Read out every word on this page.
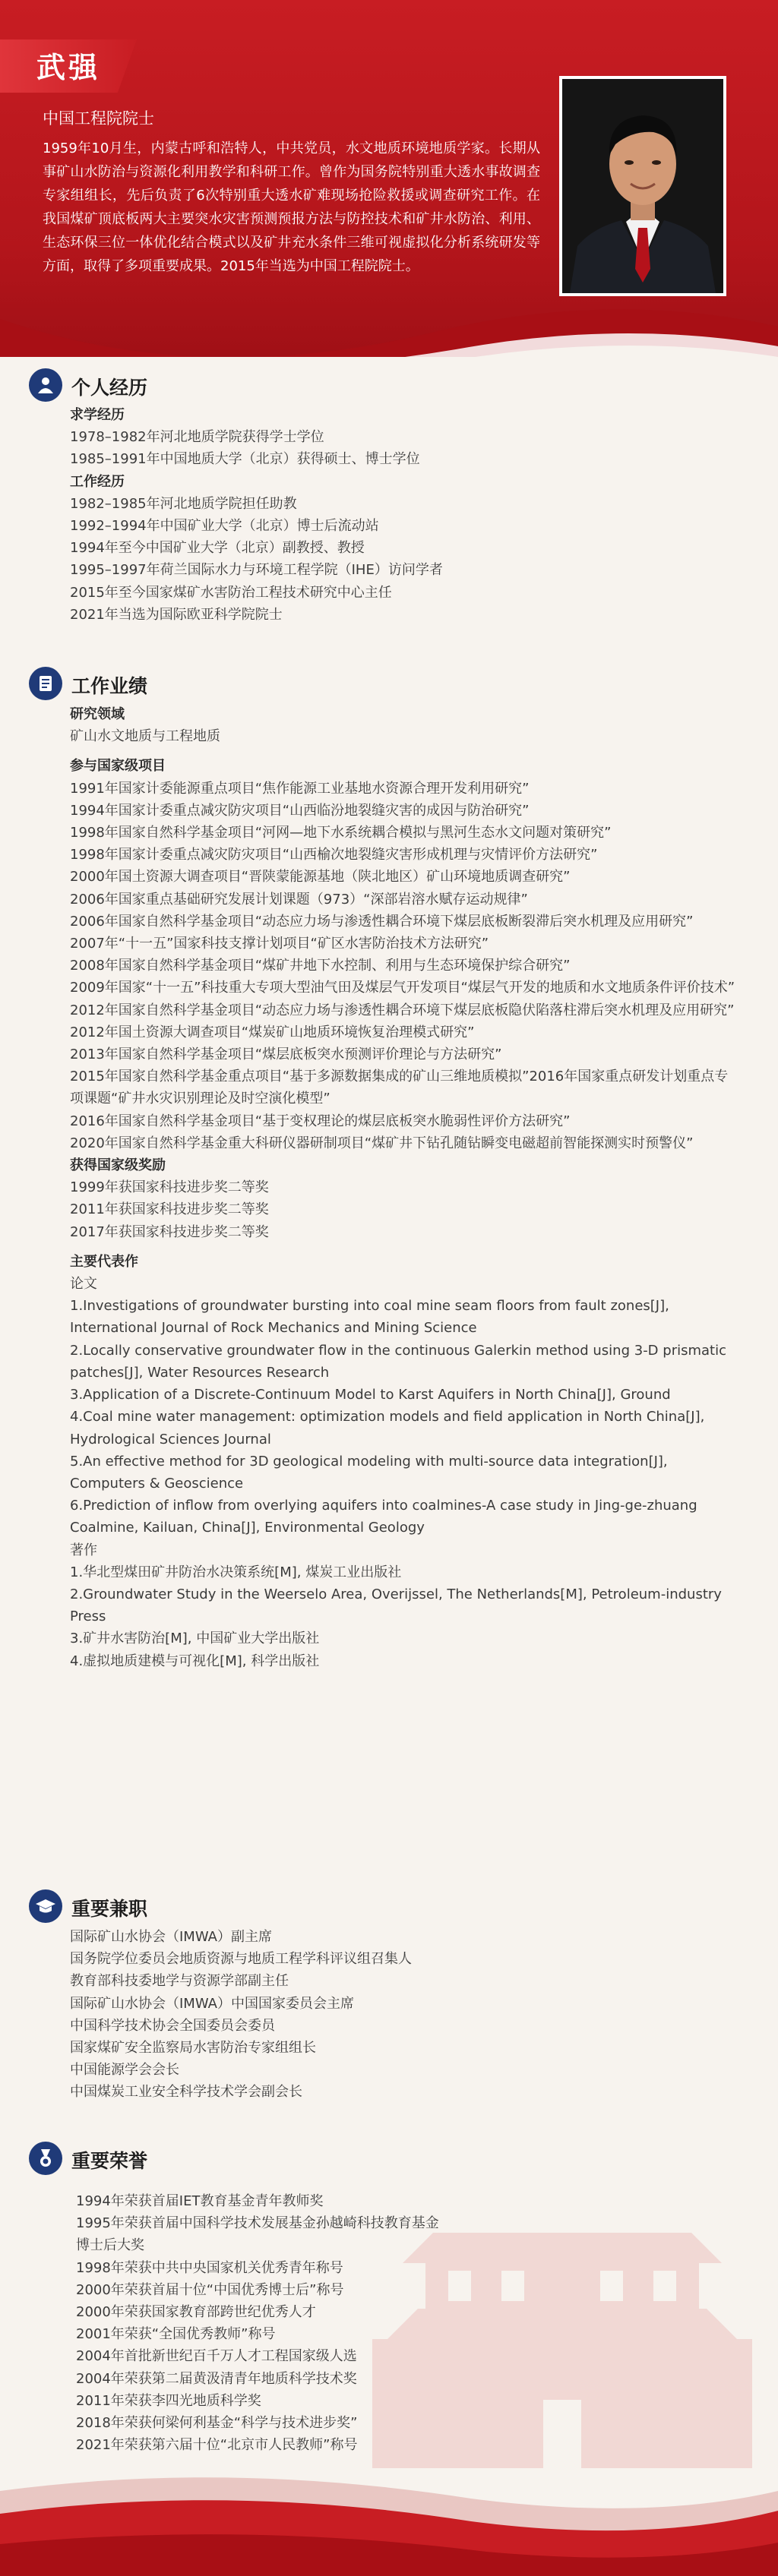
武强
中国工程院院士
1959年10月生，内蒙古呼和浩特人，中共党员，水文地质环境地质学家。长期从事矿山水防治与资源化利用教学和科研工作。曾作为国务院特别重大透水事故调查专家组组长，先后负责了6次特别重大透水矿难现场抢险救援或调查研究工作。在我国煤矿顶底板两大主要突水灾害预测预报方法与防控技术和矿井水防治、利用、生态环保三位一体优化结合模式以及矿井充水条件三维可视虚拟化分析系统研发等方面，取得了多项重要成果。2015年当选为中国工程院院士。
个人经历
求学经历
1978–1982年河北地质学院获得学士学位
1985–1991年中国地质大学（北京）获得硕士、博士学位
工作经历
1982–1985年河北地质学院担任助教
1992–1994年中国矿业大学（北京）博士后流动站
1994年至今中国矿业大学（北京）副教授、教授
1995–1997年荷兰国际水力与环境工程学院（IHE）访问学者
2015年至今国家煤矿水害防治工程技术研究中心主任
2021年当选为国际欧亚科学院院士
工作业绩
研究领域
矿山水文地质与工程地质
参与国家级项目
1991年国家计委能源重点项目“焦作能源工业基地水资源合理开发利用研究”
1994年国家计委重点减灾防灾项目“山西临汾地裂缝灾害的成因与防治研究”
1998年国家自然科学基金项目“河网—地下水系统耦合模拟与黑河生态水文问题对策研究”
1998年国家计委重点减灾防灾项目“山西榆次地裂缝灾害形成机理与灾情评价方法研究”
2000年国土资源大调查项目“晋陕蒙能源基地（陕北地区）矿山环境地质调查研究”
2006年国家重点基础研究发展计划课题（973）“深部岩溶水赋存运动规律”
2006年国家自然科学基金项目“动态应力场与渗透性耦合环境下煤层底板断裂滞后突水机理及应用研究”
2007年“十一五”国家科技支撑计划项目“矿区水害防治技术方法研究”
2008年国家自然科学基金项目“煤矿井地下水控制、利用与生态环境保护综合研究”
2009年国家“十一五”科技重大专项大型油气田及煤层气开发项目“煤层气开发的地质和水文地质条件评价技术”
2012年国家自然科学基金项目“动态应力场与渗透性耦合环境下煤层底板隐伏陷落柱滞后突水机理及应用研究”
2012年国土资源大调查项目“煤炭矿山地质环境恢复治理模式研究”
2013年国家自然科学基金项目“煤层底板突水预测评价理论与方法研究”
2015年国家自然科学基金重点项目“基于多源数据集成的矿山三维地质模拟”2016年国家重点研发计划重点专项课题“矿井水灾识别理论及时空演化模型”
2016年国家自然科学基金项目“基于变权理论的煤层底板突水脆弱性评价方法研究”
2020年国家自然科学基金重大科研仪器研制项目“煤矿井下钻孔随钻瞬变电磁超前智能探测实时预警仪”
获得国家级奖励
1999年获国家科技进步奖二等奖
2011年获国家科技进步奖二等奖
2017年获国家科技进步奖二等奖
主要代表作
论文
1.Investigations of groundwater bursting into coal mine seam floors from fault zones[J], International Journal of Rock Mechanics and Mining Science
2.Locally conservative groundwater flow in the continuous Galerkin method using 3-D prismatic patches[J], Water Resources Research
3.Application of a Discrete-Continuum Model to Karst Aquifers in North China[J], Ground
4.Coal mine water management: optimization models and field application in North China[J], Hydrological Sciences Journal
5.An effective method for 3D geological modeling with multi-source data integration[J], Computers & Geoscience
6.Prediction of inflow from overlying aquifers into coalmines-A case study in Jing-ge-zhuang Coalmine, Kailuan, China[J], Environmental Geology
著作
1.华北型煤田矿井防治水决策系统[M], 煤炭工业出版社
2.Groundwater Study in the Weerselo Area, Overijssel, The Netherlands[M], Petroleum-industry Press
3.矿井水害防治[M], 中国矿业大学出版社
4.虚拟地质建模与可视化[M], 科学出版社
重要兼职
国际矿山水协会（IMWA）副主席
国务院学位委员会地质资源与地质工程学科评议组召集人
教育部科技委地学与资源学部副主任
国际矿山水协会（IMWA）中国国家委员会主席
中国科学技术协会全国委员会委员
国家煤矿安全监察局水害防治专家组组长
中国能源学会会长
中国煤炭工业安全科学技术学会副会长
重要荣誉
1994年荣获首届IET教育基金青年教师奖
1995年荣获首届中国科学技术发展基金孙越崎科技教育基金博士后大奖
1998年荣获中共中央国家机关优秀青年称号
2000年荣获首届十位“中国优秀博士后”称号
2000年荣获国家教育部跨世纪优秀人才
2001年荣获“全国优秀教师”称号
2004年首批新世纪百千万人才工程国家级人选
2004年荣获第二届黄汲清青年地质科学技术奖
2011年荣获李四光地质科学奖
2018年荣获何梁何利基金“科学与技术进步奖”
2021年荣获第六届十位“北京市人民教师”称号
